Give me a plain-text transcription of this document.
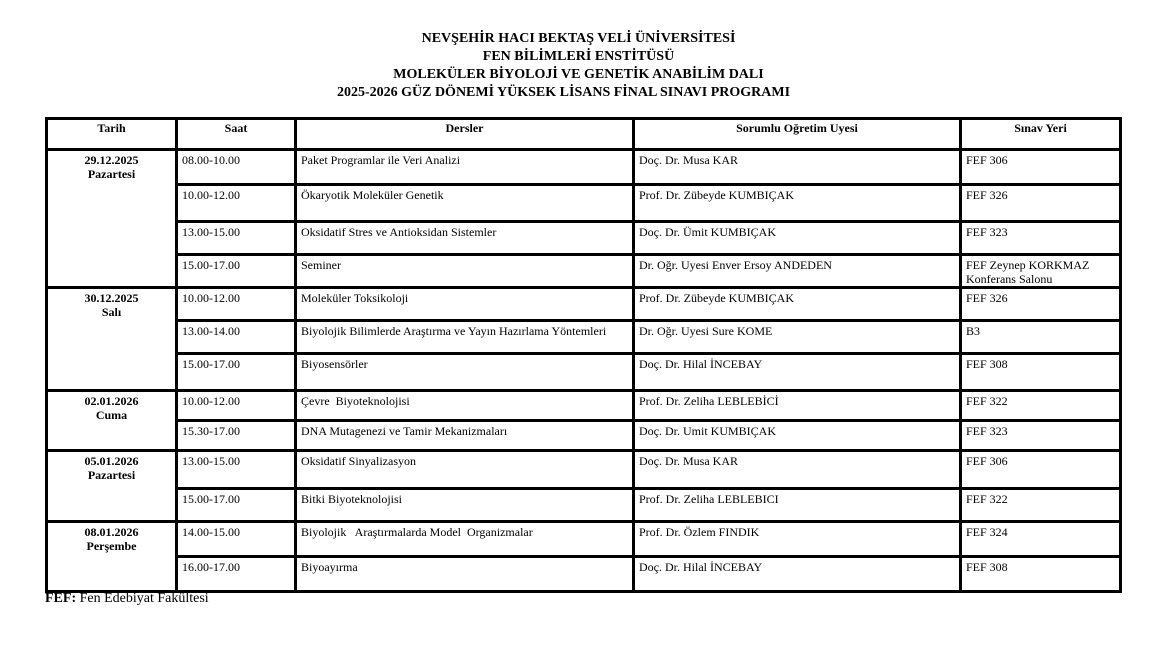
NEVŞEHİR HACI BEKTAŞ VELİ ÜNİVERSİTESİ
FEN BİLİMLERİ ENSTİTÜSÜ
MOLEKÜLER BİYOLOJİ VE GENETİK ANABİLİM DALI
2025-2026 GÜZ DÖNEMİ YÜKSEK LİSANS FİNAL SINAVI PROGRAMI
Tarih	Saat	Dersler	Sorumlu Oğretim Uyesi	Sınav Yeri

29.12.2025
Pazartesi	08.00-10.00	Paket Programlar ile Veri Analizi	Doç. Dr. Musa KAR	FEF 306
	10.00-12.00	Ökaryotik Moleküler Genetik	Prof. Dr. Zübeyde KUMBIÇAK	FEF 326
	13.00-15.00	Oksidatif Stres ve Antioksidan Sistemler	Doç. Dr. Ümit KUMBIÇAK	FEF 323
	15.00-17.00	Seminer	Dr. Oğr. Uyesi Enver Ersoy ANDEDEN	FEF Zeynep KORKMAZ Konferans Salonu

30.12.2025
Salı	10.00-12.00	Moleküler Toksikoloji	Prof. Dr. Zübeyde KUMBIÇAK	FEF 326
	13.00-14.00	Biyolojik Bilimlerde Araştırma ve Yayın Hazırlama Yöntemleri	Dr. Oğr. Uyesi Sure KOME	B3
	15.00-17.00	Biyosensörler	Doç. Dr. Hilal İNCEBAY	FEF 308

02.01.2026
Cuma	10.00-12.00	Çevre  Biyoteknolojisi	Prof. Dr. Zeliha LEBLEBİCİ	FEF 322
	15.30-17.00	DNA Mutagenezi ve Tamir Mekanizmaları	Doç. Dr. Umit KUMBIÇAK	FEF 323

05.01.2026
Pazartesi	13.00-15.00	Oksidatif Sinyalizasyon	Doç. Dr. Musa KAR	FEF 306
	15.00-17.00	Bitki Biyoteknolojisi	Prof. Dr. Zeliha LEBLEBICI	FEF 322

08.01.2026
Perşembe	14.00-15.00	Biyolojik   Araştırmalarda Model  Organizmalar	Prof. Dr. Özlem FINDIK	FEF 324
	16.00-17.00	Biyoayırma	Doç. Dr. Hilal İNCEBAY	FEF 308
FEF: Fen Edebiyat Fakültesi
